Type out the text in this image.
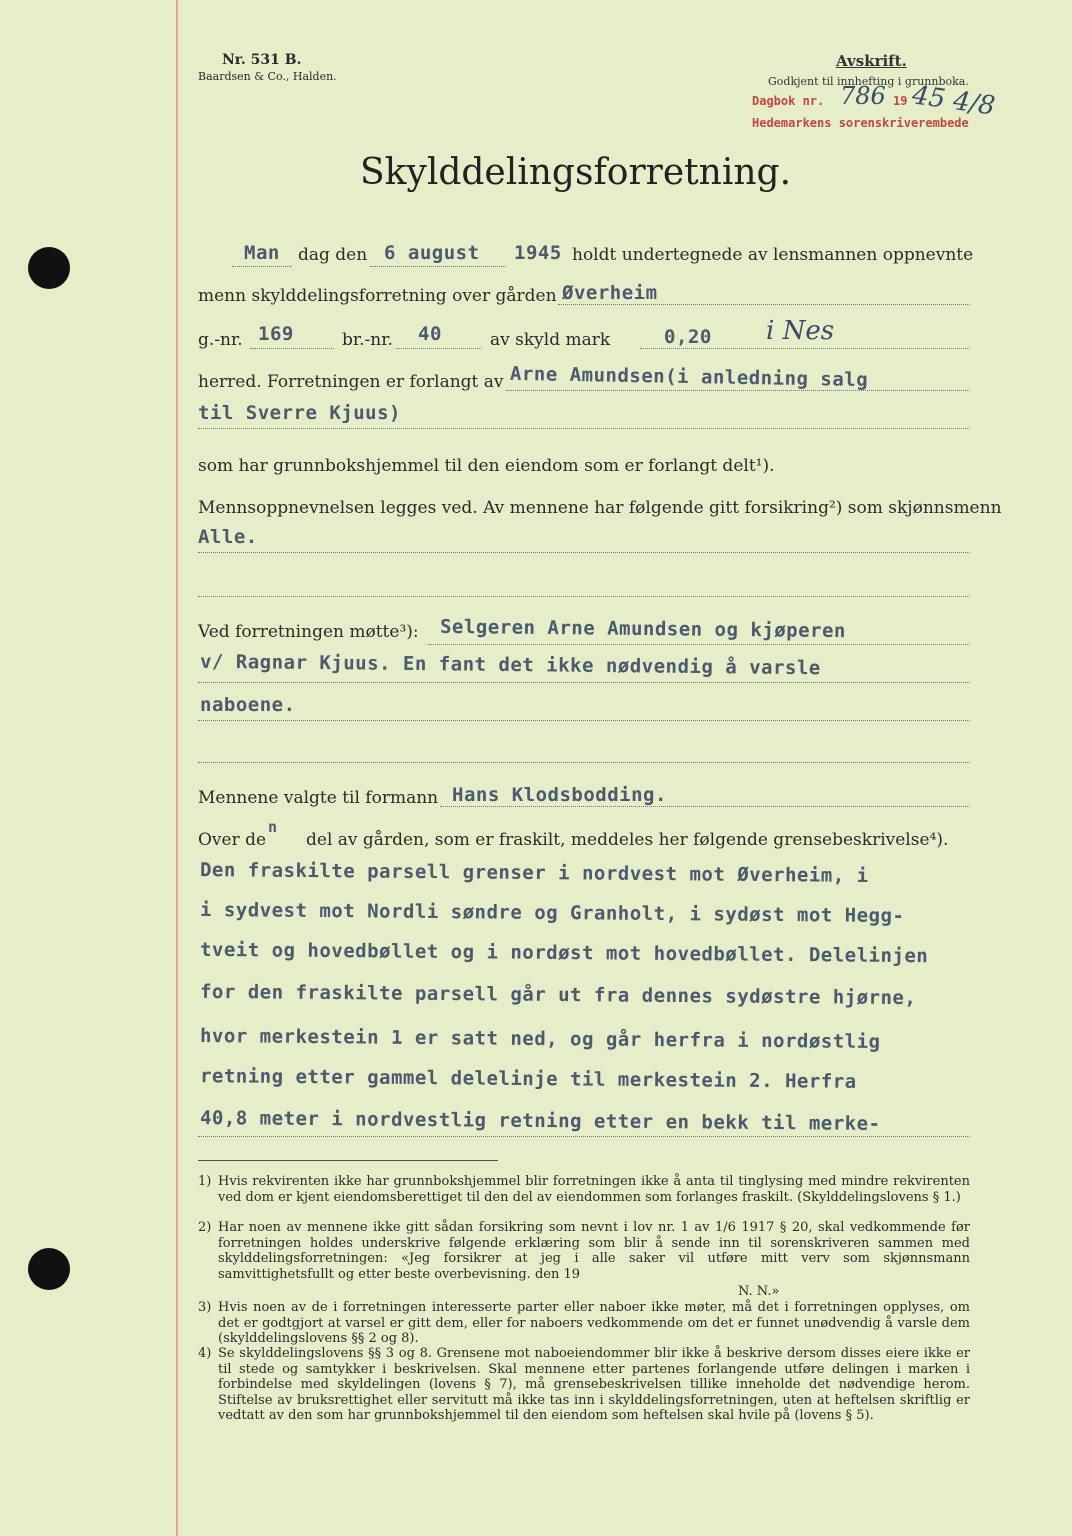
Nr. 531 B.
Baardsen & Co., Halden.
Avskrift.
Godkjent til innhefting i grunnboka.
Dagbok nr. 786 19 45 4/8
Hedemarkens sorenskriverembede
Skylddelingsforretning.
Man dag den 6 august 1945 holdt undertegnede av lensmannen oppnevnte
menn skylddelingsforretning over gården Øverheim
g.-nr. 169	br.-nr. 40	av skyld mark	0,20 i Nes
herred. Forretningen er forlangt av Arne Amundsen(i anledning salg
til Sverre Kjuus)
som har grunnbokshjemmel til den eiendom som er forlangt delt¹).
Mennsoppnevnelsen legges ved. Av mennene har følgende gitt forsikring²) som skjønnsmenn
Alle.
Ved forretningen møtte³): Selgeren Arne Amundsen og kjøperen
v/ Ragnar Kjuus. En fant det ikke nødvendig å varsle
naboene.
Mennene valgte til formann Hans Klodsbodding.
Over de
n
del av gården, som er fraskilt, meddeles her følgende grensebeskrivelse⁴).
Den fraskilte parsell grenser i nordvest mot Øverheim, i
i sydvest mot Nordli søndre og Granholt, i sydøst mot Hegg-
tveit og hovedbøllet og i nordøst mot hovedbøllet. Delelinjen
for den fraskilte parsell går ut fra dennes sydøstre hjørne,
hvor merkestein 1 er satt ned, og går herfra i nordøstlig
retning etter gammel delelinje til merkestein 2. Herfra
40,8 meter i nordvestlig retning etter en bekk til merke-
1) Hvis rekvirenten ikke har grunnbokshjemmel blir forretningen ikke å anta til tinglysing med mindre rekvirenten ved dom er kjent eiendomsberettiget til den del av eiendommen som forlanges fraskilt. (Skylddelingslovens § 1.)
2) Har noen av mennene ikke gitt sådan forsikring som nevnt i lov nr. 1 av 1/6 1917 § 20, skal vedkommende før forretningen holdes underskrive følgende erklæring som blir å sende inn til sorenskriveren sammen med skylddelingsforretningen: «Jeg forsikrer at jeg i alle saker vil utføre mitt verv som skjønnsmann samvittighetsfullt og etter beste overbevisning. den 19
N. N.»
3) Hvis noen av de i forretningen interesserte parter eller naboer ikke møter, må det i forretningen opplyses, om det er godtgjort at varsel er gitt dem, eller for naboers vedkommende om det er funnet unødvendig å varsle dem (skylddelingslovens §§ 2 og 8).
4) Se skylddelingslovens §§ 3 og 8. Grensene mot naboeiendommer blir ikke å beskrive dersom disses eiere ikke er til stede og samtykker i beskrivelsen. Skal mennene etter partenes forlangende utføre delingen i marken i forbindelse med skyldelingen (lovens § 7), må grensebeskrivelsen tillike inneholde det nødvendige herom. Stiftelse av bruksrettighet eller servitutt må ikke tas inn i skylddelingsforretningen, uten at heftelsen skriftlig er vedtatt av den som har grunnbokshjemmel til den eiendom som heftelsen skal hvile på (lovens § 5).
